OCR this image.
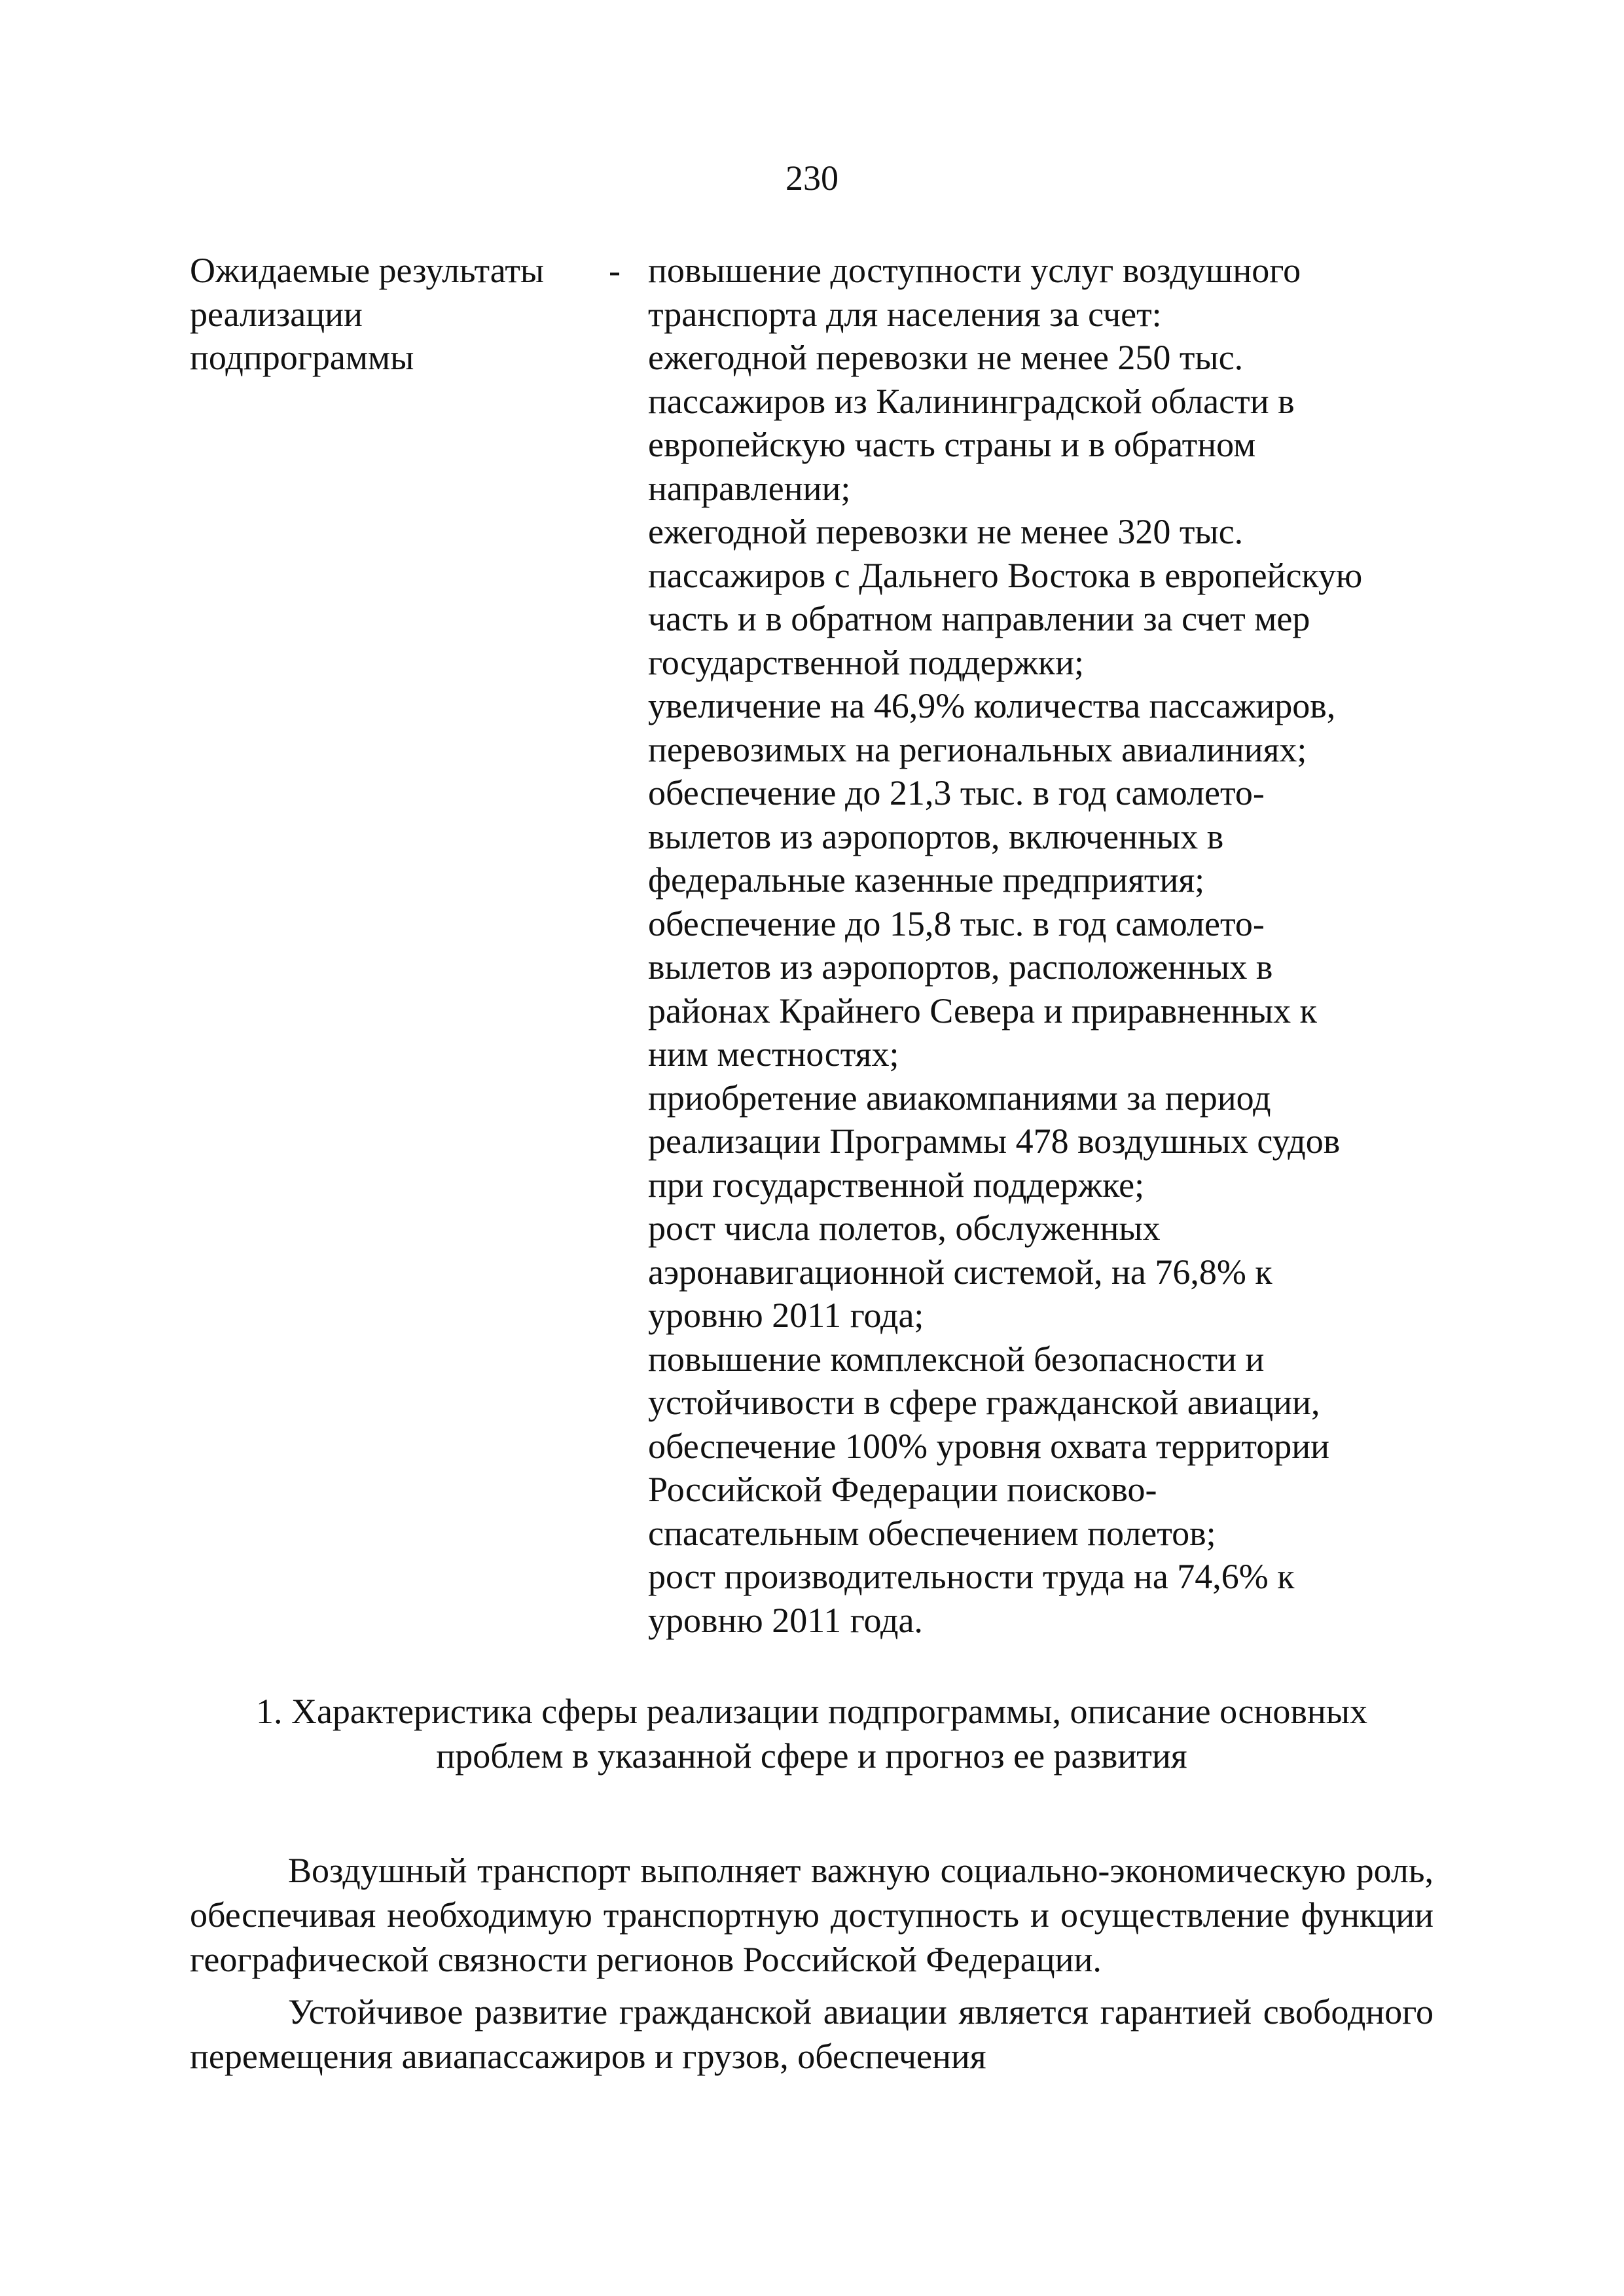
230
Ожидаемые результаты
реализации
подпрограммы
- повышение доступности услуг воздушного
транспорта для населения за счет:
ежегодной перевозки не менее 250 тыс.
пассажиров из Калининградской области в
европейскую часть страны и в обратном
направлении;
ежегодной перевозки не менее 320 тыс.
пассажиров с Дальнего Востока в европейскую
часть и в обратном направлении за счет мер
государственной поддержки;
увеличение на 46,9% количества пассажиров,
перевозимых на региональных авиалиниях;
обеспечение до 21,3 тыс. в год самолето-
вылетов из аэропортов, включенных в
федеральные казенные предприятия;
обеспечение до 15,8 тыс. в год самолето-
вылетов из аэропортов, расположенных в
районах Крайнего Севера и приравненных к
ним местностях;
приобретение авиакомпаниями за период
реализации Программы 478 воздушных судов
при государственной поддержке;
рост числа полетов, обслуженных
аэронавигационной системой, на 76,8% к
уровню 2011 года;
повышение комплексной безопасности и
устойчивости в сфере гражданской авиации,
обеспечение 100% уровня охвата территории
Российской Федерации поисково-
спасательным обеспечением полетов;
рост производительности труда на 74,6% к
уровню 2011 года.
1. Характеристика сферы реализации подпрограммы, описание основных
проблем в указанной сфере и прогноз ее развития

Воздушный транспорт выполняет важную социально-экономическую роль, обеспечивая необходимую транспортную доступность и осуществление функции географической связности регионов Российской Федерации.

Устойчивое развитие гражданской авиации является гарантией свободного перемещения авиапассажиров и грузов, обеспечения
